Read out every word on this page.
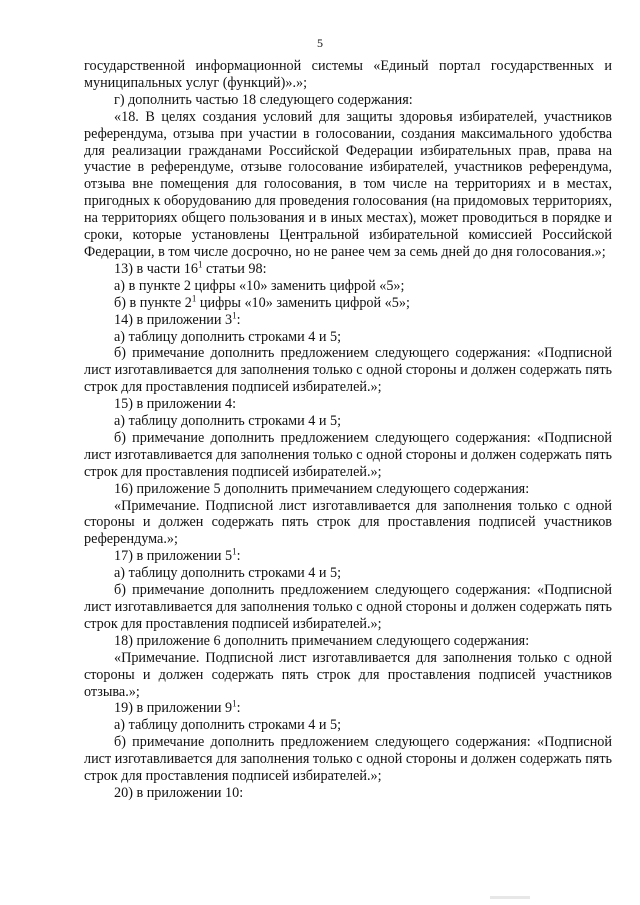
5

государственной информационной системы «Единый портал государственных и муниципальных услуг (функций)».»;

г) дополнить частью 18 следующего содержания:

«18. В целях создания условий для защиты здоровья избирателей, участников референдума, отзыва при участии в голосовании, создания максимального удобства для реализации гражданами Российской Федерации избирательных прав, права на участие в референдуме, отзыве голосование избирателей, участников референдума, отзыва вне помещения для голосования, в том числе на территориях и в местах, пригодных к оборудованию для проведения голосования (на придомовых территориях, на территориях общего пользования и в иных местах), может проводиться в порядке и сроки, которые установлены Центральной избирательной комиссией Российской Федерации, в том числе досрочно, но не ранее чем за семь дней до дня голосования.»;

13) в части $16^1$ статьи 98:

а) в пункте 2 цифры «10» заменить цифрой «5»;

б) в пункте $2^1$ цифры «10» заменить цифрой «5»;

14) в приложении $3^1$:

а) таблицу дополнить строками 4 и 5;

б) примечание дополнить предложением следующего содержания: «Подписной лист изготавливается для заполнения только с одной стороны и должен содержать пять строк для проставления подписей избирателей.»;

15) в приложении 4:

а) таблицу дополнить строками 4 и 5;

б) примечание дополнить предложением следующего содержания: «Подписной лист изготавливается для заполнения только с одной стороны и должен содержать пять строк для проставления подписей избирателей.»;

16) приложение 5 дополнить примечанием следующего содержания:

«Примечание. Подписной лист изготавливается для заполнения только с одной стороны и должен содержать пять строк для проставления подписей участников референдума.»;

17) в приложении $5^1$:

а) таблицу дополнить строками 4 и 5;

б) примечание дополнить предложением следующего содержания: «Подписной лист изготавливается для заполнения только с одной стороны и должен содержать пять строк для проставления подписей избирателей.»;

18) приложение 6 дополнить примечанием следующего содержания:

«Примечание. Подписной лист изготавливается для заполнения только с одной стороны и должен содержать пять строк для проставления подписей участников отзыва.»;

19) в приложении $9^1$:

а) таблицу дополнить строками 4 и 5;

б) примечание дополнить предложением следующего содержания: «Подписной лист изготавливается для заполнения только с одной стороны и должен содержать пять строк для проставления подписей избирателей.»;

20) в приложении 10:
